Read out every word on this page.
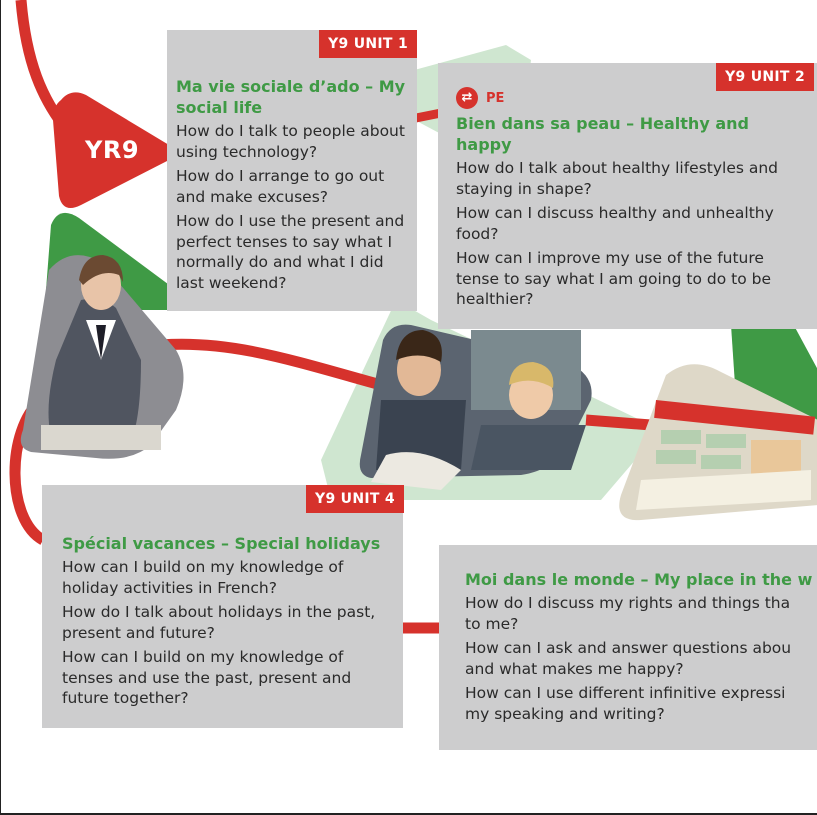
YR9
Y9 UNIT 1
Ma vie sociale d’ado – My social life
How do I talk to people about using technology?
How do I arrange to go out and make excuses?
How do I use the present and perfect tenses to say what I normally do and what I did last weekend?
Y9 UNIT 2
Bien dans sa peau – Healthy and happy
How do I talk about healthy lifestyles and staying in shape?
How can I discuss healthy and unhealthy food?
How can I improve my use of the future tense to say what I am going to do to be healthier?
⇄	PE
Y9 UNIT 4
Spécial vacances – Special holidays
How can I build on my knowledge of holiday activities in French?
How do I talk about holidays in the past, present and future?
How can I build on my knowledge of tenses and use the past, present and future together?
Moi dans le monde – My place in the w
How do I discuss my rights and things tha
to me?
How can I ask and answer questions abou
and what makes me happy?
How can I use different infinitive expressi
my speaking and writing?
